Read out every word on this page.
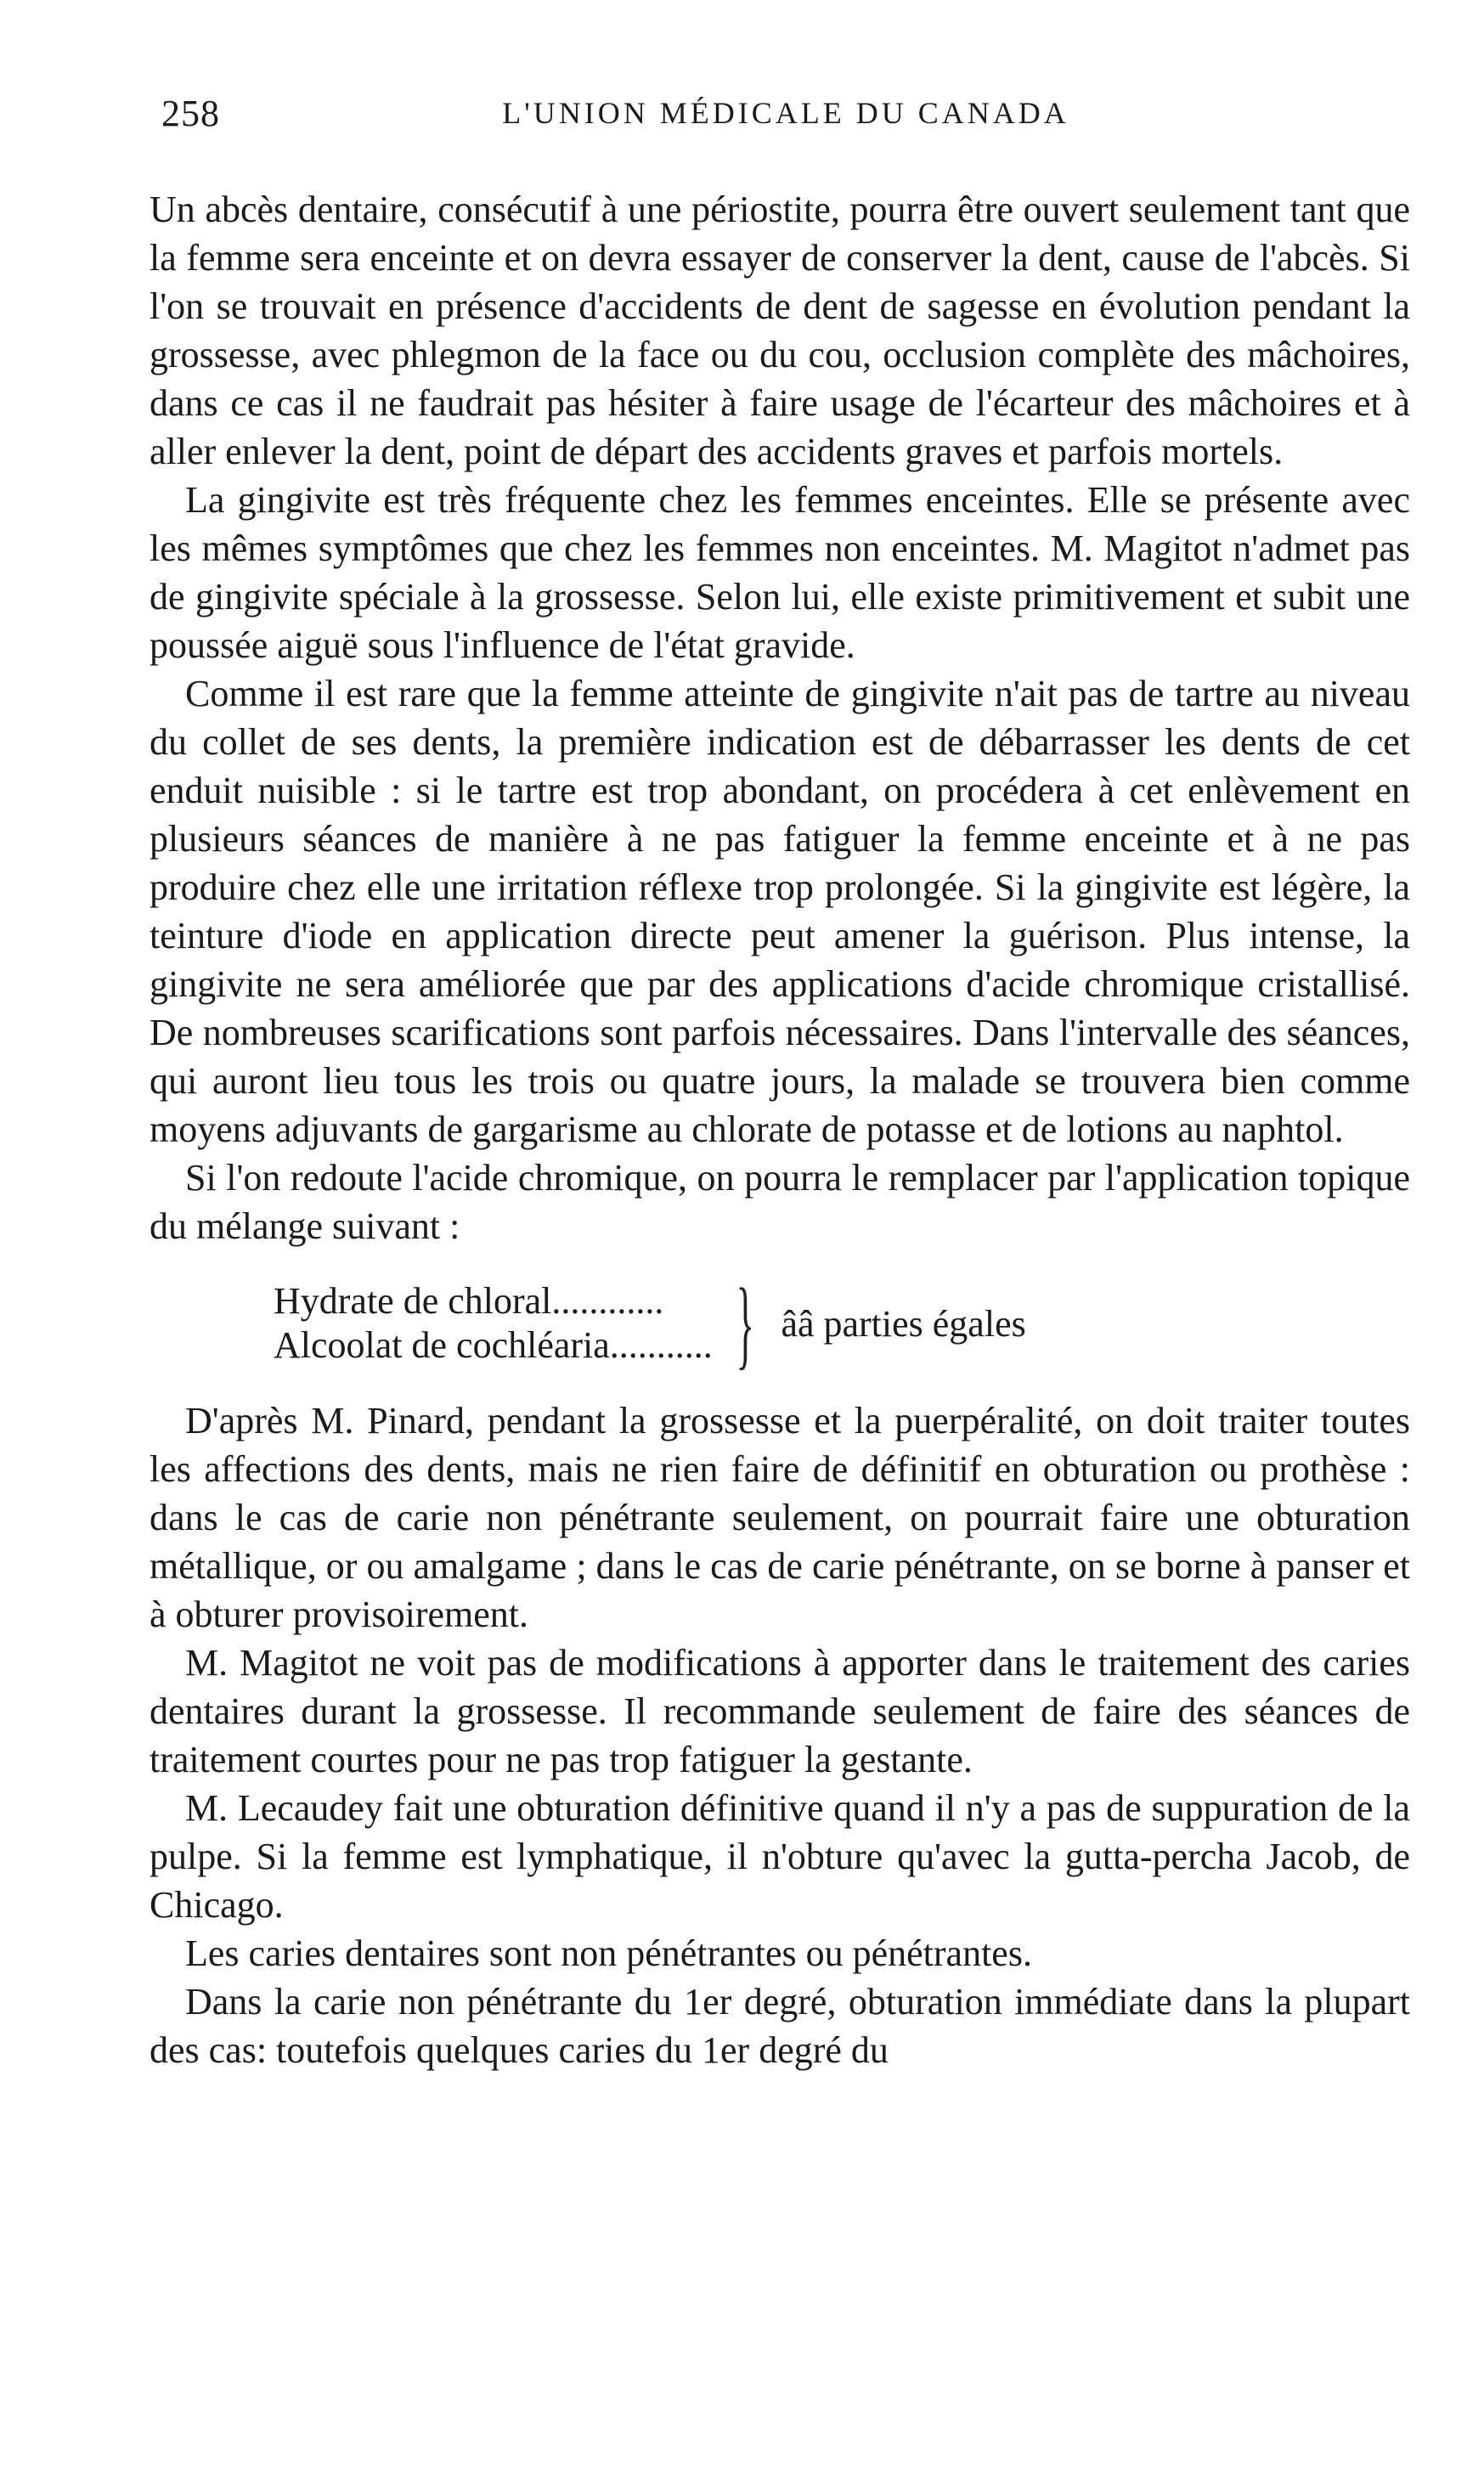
258	L'UNION MÉDICALE DU CANADA

Un abcès dentaire, consécutif à une périostite, pourra être ouvert seulement tant que la femme sera enceinte et on devra essayer de conserver la dent, cause de l'abcès. Si l'on se trouvait en présence d'accidents de dent de sagesse en évolution pendant la grossesse, avec phlegmon de la face ou du cou, occlusion complète des mâchoires, dans ce cas il ne faudrait pas hésiter à faire usage de l'écarteur des mâchoires et à aller enlever la dent, point de départ des accidents graves et parfois mortels.

La gingivite est très fréquente chez les femmes enceintes. Elle se présente avec les mêmes symptômes que chez les femmes non enceintes. M. Magitot n'admet pas de gingivite spéciale à la grossesse. Selon lui, elle existe primitivement et subit une poussée aiguë sous l'influence de l'état gravide.

Comme il est rare que la femme atteinte de gingivite n'ait pas de tartre au niveau du collet de ses dents, la première indication est de débarrasser les dents de cet enduit nuisible : si le tartre est trop abondant, on procédera à cet enlèvement en plusieurs séances de manière à ne pas fatiguer la femme enceinte et à ne pas produire chez elle une irritation réflexe trop prolongée. Si la gingivite est légère, la teinture d'iode en application directe peut amener la guérison. Plus intense, la gingivite ne sera améliorée que par des applications d'acide chromique cristallisé. De nombreuses scarifications sont parfois nécessaires. Dans l'intervalle des séances, qui auront lieu tous les trois ou quatre jours, la malade se trouvera bien comme moyens adjuvants de gargarisme au chlorate de potasse et de lotions au naphtol.

Si l'on redoute l'acide chromique, on pourra le remplacer par l'application topique du mélange suivant :

Hydrate de chloral............
Alcoolat de cochléaria........... } ââ parties égales

D'après M. Pinard, pendant la grossesse et la puerpéralité, on doit traiter toutes les affections des dents, mais ne rien faire de définitif en obturation ou prothèse : dans le cas de carie non pénétrante seulement, on pourrait faire une obturation métallique, or ou amalgame ; dans le cas de carie pénétrante, on se borne à panser et à obturer provisoirement.

M. Magitot ne voit pas de modifications à apporter dans le traitement des caries dentaires durant la grossesse. Il recommande seulement de faire des séances de traitement courtes pour ne pas trop fatiguer la gestante.

M. Lecaudey fait une obturation définitive quand il n'y a pas de suppuration de la pulpe. Si la femme est lymphatique, il n'obture qu'avec la gutta-percha Jacob, de Chicago.

Les caries dentaires sont non pénétrantes ou pénétrantes.

Dans la carie non pénétrante du 1er degré, obturation immédiate dans la plupart des cas: toutefois quelques caries du 1er degré du
